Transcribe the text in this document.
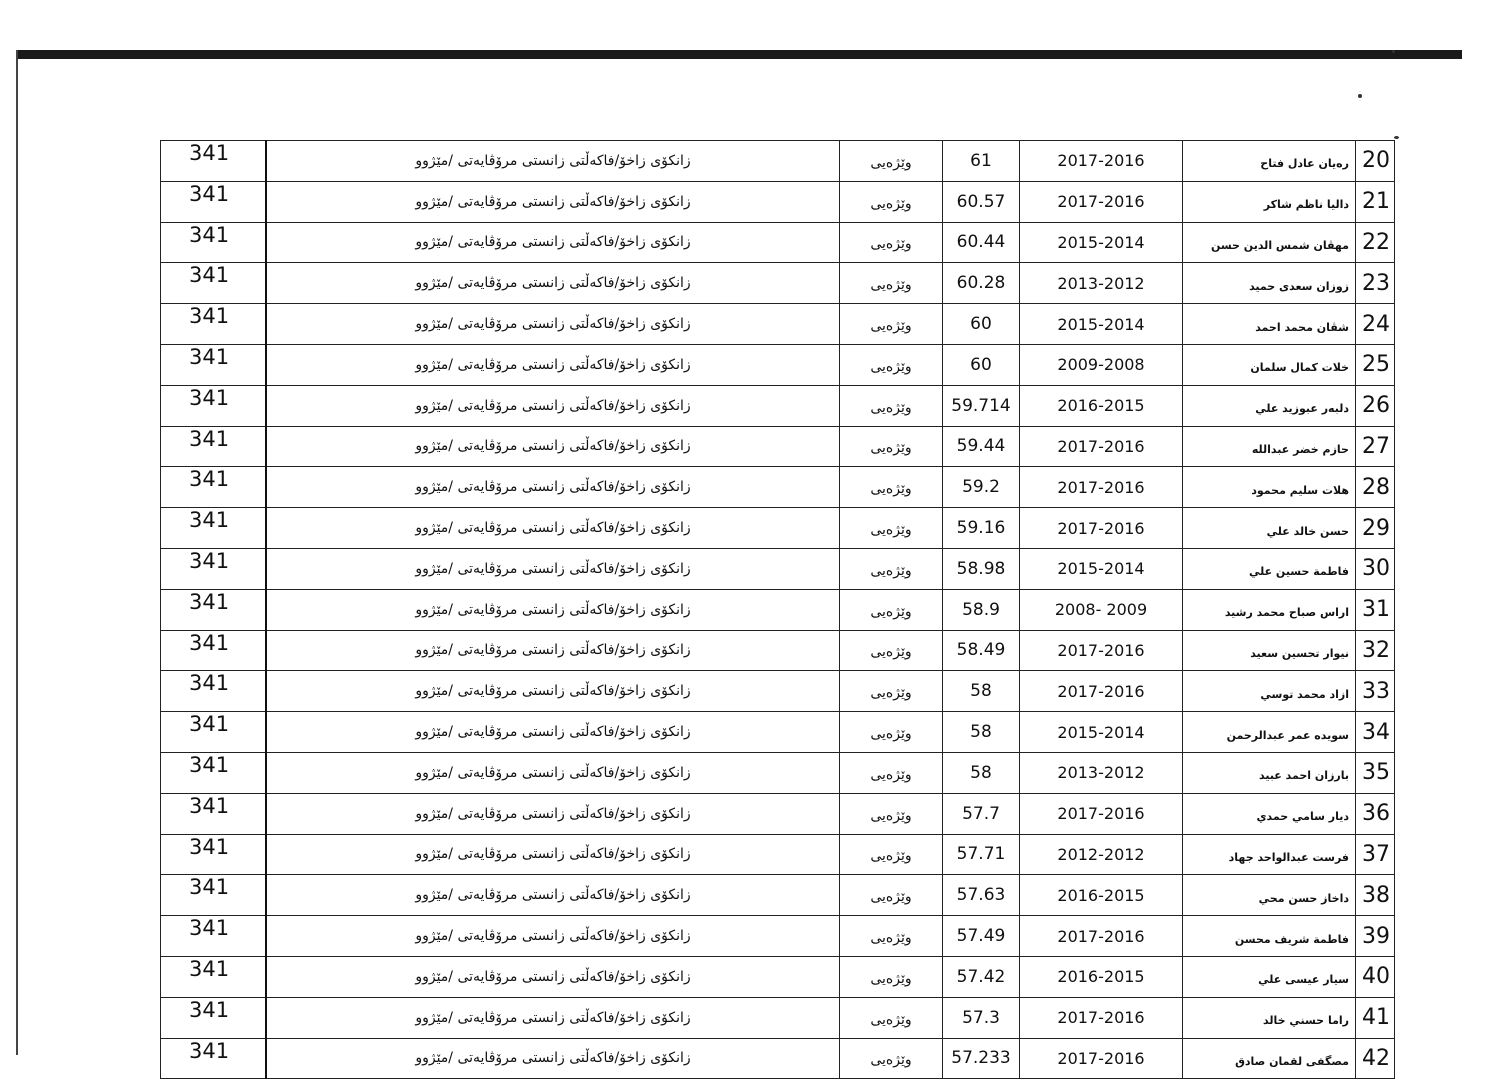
341	زانکۆی زاخۆ/فاکەڵتی زانستی مرۆڤایەتی /مێژوو	وێژەیی	61	2017-2016	رەیان عادل فتاح	20
341	زانکۆی زاخۆ/فاکەڵتی زانستی مرۆڤایەتی /مێژوو	وێژەیی	60.57	2017-2016	داليا ناظم شاكر	21
341	زانکۆی زاخۆ/فاکەڵتی زانستی مرۆڤایەتی /مێژوو	وێژەیی	60.44	2015-2014	مهڤان شمس الدين حسن	22
341	زانکۆی زاخۆ/فاکەڵتی زانستی مرۆڤایەتی /مێژوو	وێژەیی	60.28	2013-2012	زوزان سعدى حميد	23
341	زانکۆی زاخۆ/فاکەڵتی زانستی مرۆڤایەتی /مێژوو	وێژەیی	60	2015-2014	شڤان محمد احمد	24
341	زانکۆی زاخۆ/فاکەڵتی زانستی مرۆڤایەتی /مێژوو	وێژەیی	60	2009-2008	خلات كمال سلمان	25
341	زانکۆی زاخۆ/فاکەڵتی زانستی مرۆڤایەتی /مێژوو	وێژەیی	59.714	2016-2015	دلبەر عبوزيد علي	26
341	زانکۆی زاخۆ/فاکەڵتی زانستی مرۆڤایەتی /مێژوو	وێژەیی	59.44	2017-2016	حازم خضر عبدالله	27
341	زانکۆی زاخۆ/فاکەڵتی زانستی مرۆڤایەتی /مێژوو	وێژەیی	59.2	2017-2016	هلات سليم محمود	28
341	زانکۆی زاخۆ/فاکەڵتی زانستی مرۆڤایەتی /مێژوو	وێژەیی	59.16	2017-2016	حسن خالد علي	29
341	زانکۆی زاخۆ/فاکەڵتی زانستی مرۆڤایەتی /مێژوو	وێژەیی	58.98	2015-2014	فاطمة حسين علي	30
341	زانکۆی زاخۆ/فاکەڵتی زانستی مرۆڤایەتی /مێژوو	وێژەیی	58.9	2008- 2009	اراس صباح محمد رشيد	31
341	زانکۆی زاخۆ/فاکەڵتی زانستی مرۆڤایەتی /مێژوو	وێژەیی	58.49	2017-2016	نيوار تحسين سعيد	32
341	زانکۆی زاخۆ/فاکەڵتی زانستی مرۆڤایەتی /مێژوو	وێژەیی	58	2017-2016	ازاد محمد توسي	33
341	زانکۆی زاخۆ/فاکەڵتی زانستی مرۆڤایەتی /مێژوو	وێژەیی	58	2015-2014	سويده عمر عبدالرحمن	34
341	زانکۆی زاخۆ/فاکەڵتی زانستی مرۆڤایەتی /مێژوو	وێژەیی	58	2013-2012	بارزان احمد عبيد	35
341	زانکۆی زاخۆ/فاکەڵتی زانستی مرۆڤایەتی /مێژوو	وێژەیی	57.7	2017-2016	ديار سامي حمدي	36
341	زانکۆی زاخۆ/فاکەڵتی زانستی مرۆڤایەتی /مێژوو	وێژەیی	57.71	2012-2012	فرست عبدالواحد جهاد	37
341	زانکۆی زاخۆ/فاکەڵتی زانستی مرۆڤایەتی /مێژوو	وێژەیی	57.63	2016-2015	داخاز حسن محي	38
341	زانکۆی زاخۆ/فاکەڵتی زانستی مرۆڤایەتی /مێژوو	وێژەیی	57.49	2017-2016	فاطمة شريف محسن	39
341	زانکۆی زاخۆ/فاکەڵتی زانستی مرۆڤایەتی /مێژوو	وێژەیی	57.42	2016-2015	سيار عيسى علي	40
341	زانکۆی زاخۆ/فاکەڵتی زانستی مرۆڤایەتی /مێژوو	وێژەیی	57.3	2017-2016	راما حسني خالد	41
341	زانکۆی زاخۆ/فاکەڵتی زانستی مرۆڤایەتی /مێژوو	وێژەیی	57.233	2017-2016	مصگفى لقمان صادق	42
